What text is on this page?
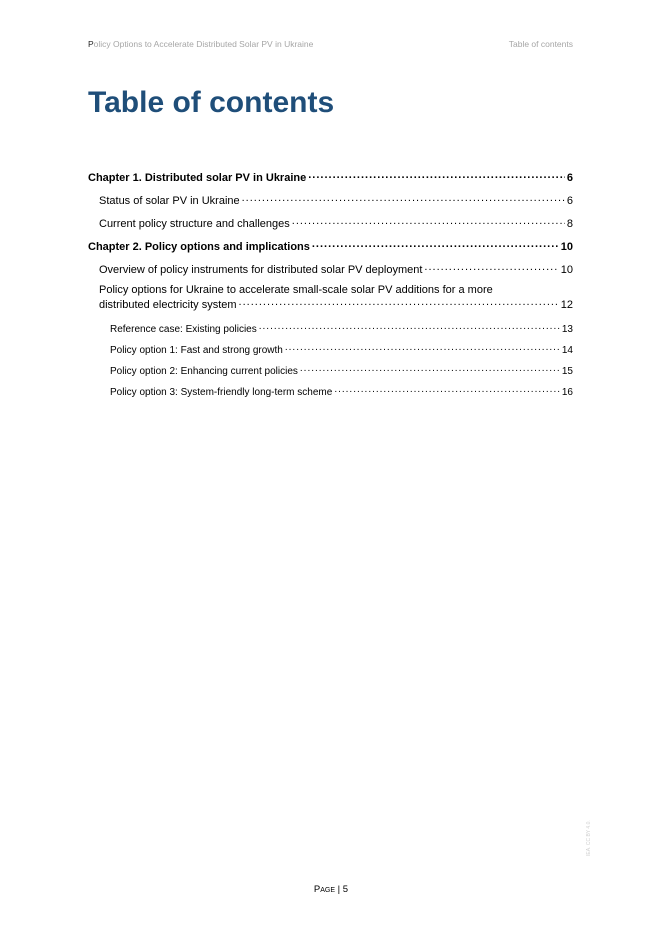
Policy Options to Accelerate Distributed Solar PV in Ukraine	Table of contents
Table of contents
Chapter 1. Distributed solar PV in Ukraine .....	6
Status of solar PV in Ukraine .....	6
Current policy structure and challenges .....	8
Chapter 2. Policy options and implications .....	10
Overview of policy instruments for distributed solar PV deployment .....	10
Policy options for Ukraine to accelerate small-scale solar PV additions for a more
distributed electricity system .....	12
Reference case: Existing policies .....	13
Policy option 1: Fast and strong growth .....	14
Policy option 2: Enhancing current policies .....	15
Policy option 3: System-friendly long-term scheme .....	16
Page | 5
IEA. CC BY 4.0.
